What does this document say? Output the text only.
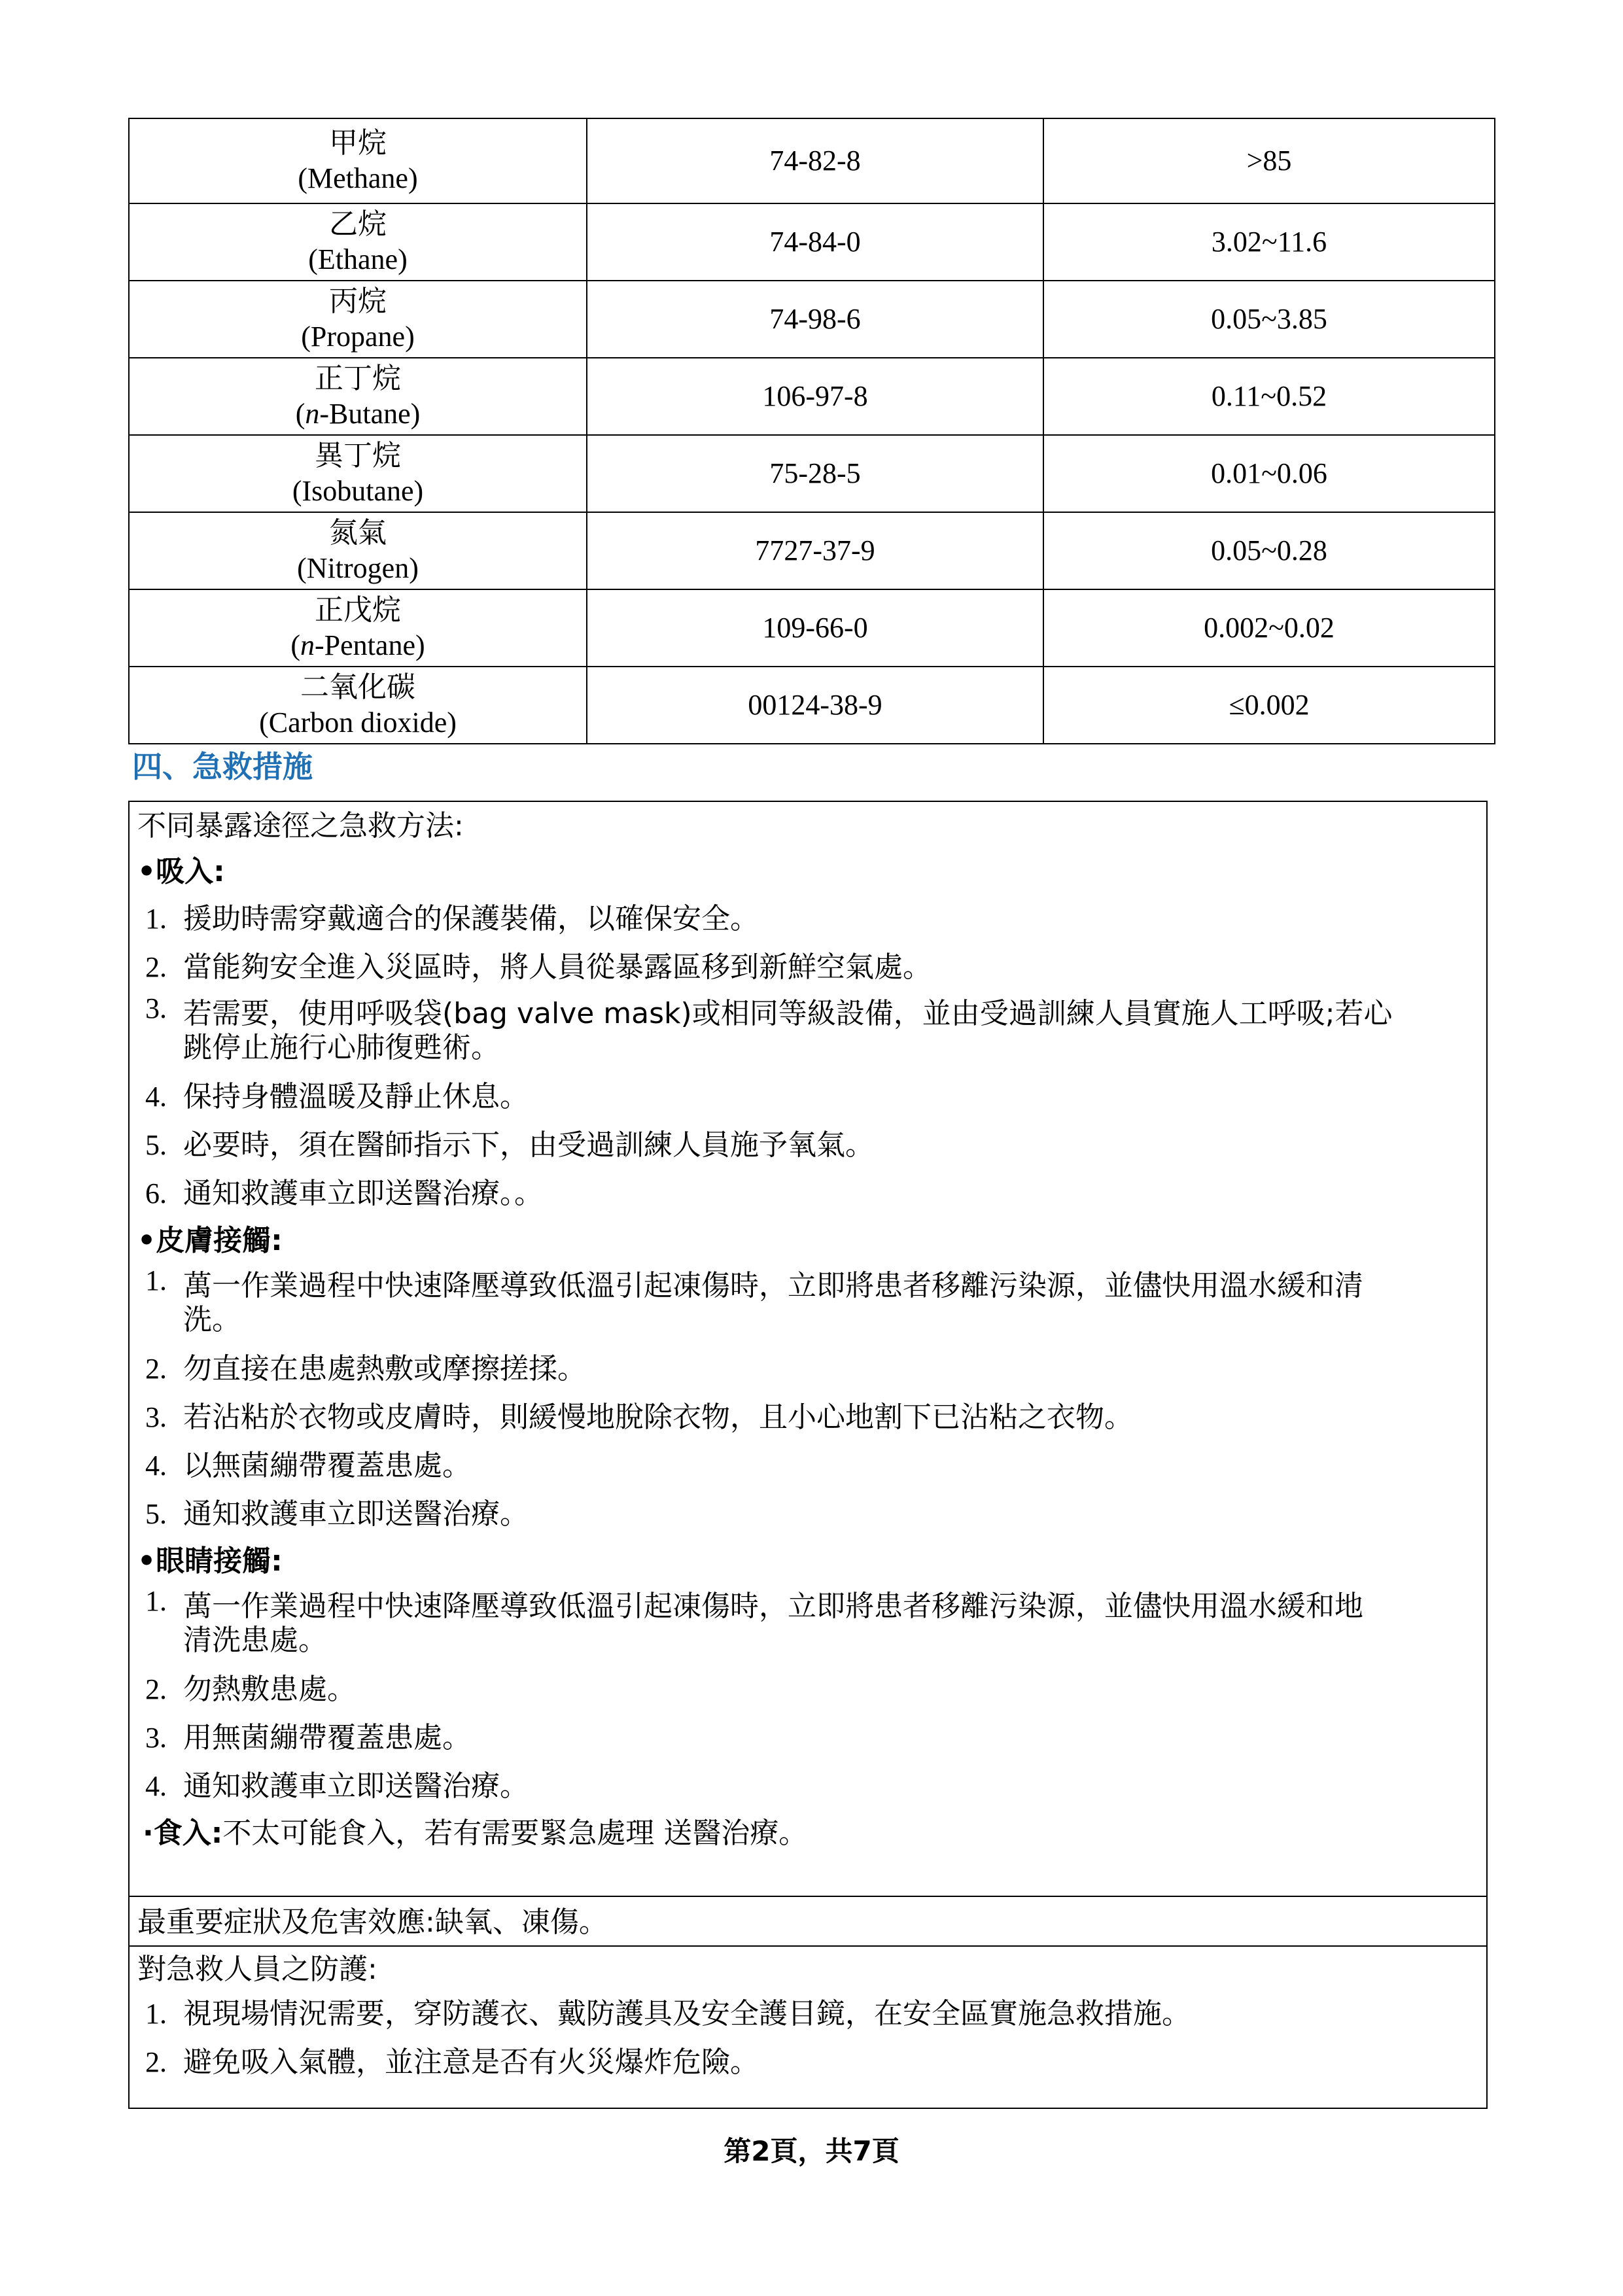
甲烷
(Methane)	74-82-8	>85

乙烷
(Ethane)	74-84-0	3.02~11.6

丙烷
(Propane)	74-98-6	0.05~3.85

正丁烷
(n-Butane)	106-97-8	0.11~0.52

異丁烷
(Isobutane)	75-28-5	0.01~0.06

氮氣
(Nitrogen)	7727-37-9	0.05~0.28

正戊烷
(n-Pentane)	109-66-0	0.002~0.02

二氧化碳
(Carbon dioxide)	00124-38-9	≤0.002
四、急救措施
不同暴露途徑之急救方法:
•吸入:
1. 援助時需穿戴適合的保護裝備，以確保安全。
2. 當能夠安全進入災區時，將人員從暴露區移到新鮮空氣處。
3. 若需要，使用呼吸袋(bag valve mask)或相同等級設備，並由受過訓練人員實施人工呼吸;若心
跳停止施行心肺復甦術。
4. 保持身體溫暖及靜止休息。
5. 必要時，須在醫師指示下，由受過訓練人員施予氧氣。
6. 通知救護車立即送醫治療。。
•皮膚接觸:
1. 萬一作業過程中快速降壓導致低溫引起凍傷時，立即將患者移離污染源，並儘快用溫水緩和清
洗。
2. 勿直接在患處熱敷或摩擦搓揉。
3. 若沾粘於衣物或皮膚時，則緩慢地脫除衣物，且小心地割下已沾粘之衣物。
4. 以無菌繃帶覆蓋患處。
5. 通知救護車立即送醫治療。
•眼睛接觸:
1. 萬一作業過程中快速降壓導致低溫引起凍傷時，立即將患者移離污染源，並儘快用溫水緩和地
清洗患處。
2. 勿熱敷患處。
3. 用無菌繃帶覆蓋患處。
4. 通知救護車立即送醫治療。
·食入:不太可能食入，若有需要緊急處理 送醫治療。
最重要症狀及危害效應:缺氧、凍傷。
對急救人員之防護:
1. 視現場情況需要，穿防護衣、戴防護具及安全護目鏡，在安全區實施急救措施。
2. 避免吸入氣體，並注意是否有火災爆炸危險。
第2頁，共7頁
